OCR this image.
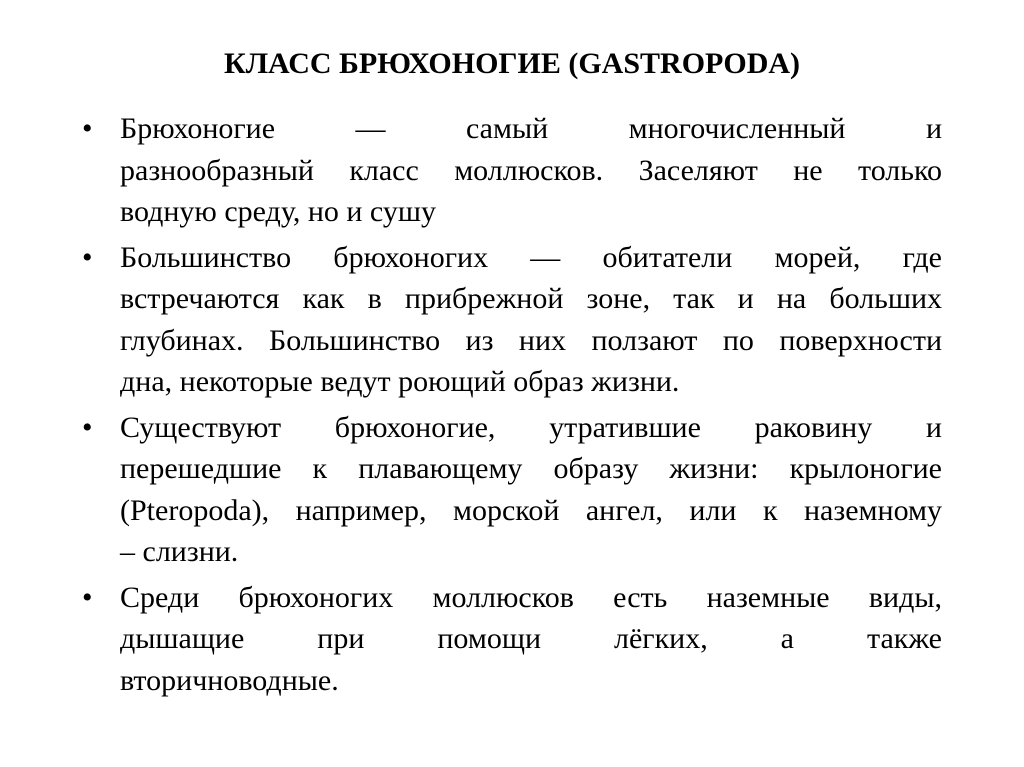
КЛАСС БРЮХОНОГИЕ (GASTROPODA)
• Брюхоногие — самый многочисленный и
разнообразный класс моллюсков. Заселяют не только
водную среду, но и сушу
• Большинство брюхоногих — обитатели морей, где
встречаются как в прибрежной зоне, так и на больших
глубинах. Большинство из них ползают по поверхности
дна, некоторые ведут роющий образ жизни.
• Существуют брюхоногие, утратившие раковину и
перешедшие к плавающему образу жизни: крылоногие
(Pteropoda), например, морской ангел, или к наземному
– слизни.
• Среди брюхоногих моллюсков есть наземные виды,
дышащие при помощи лёгких, а также
вторичноводные.
